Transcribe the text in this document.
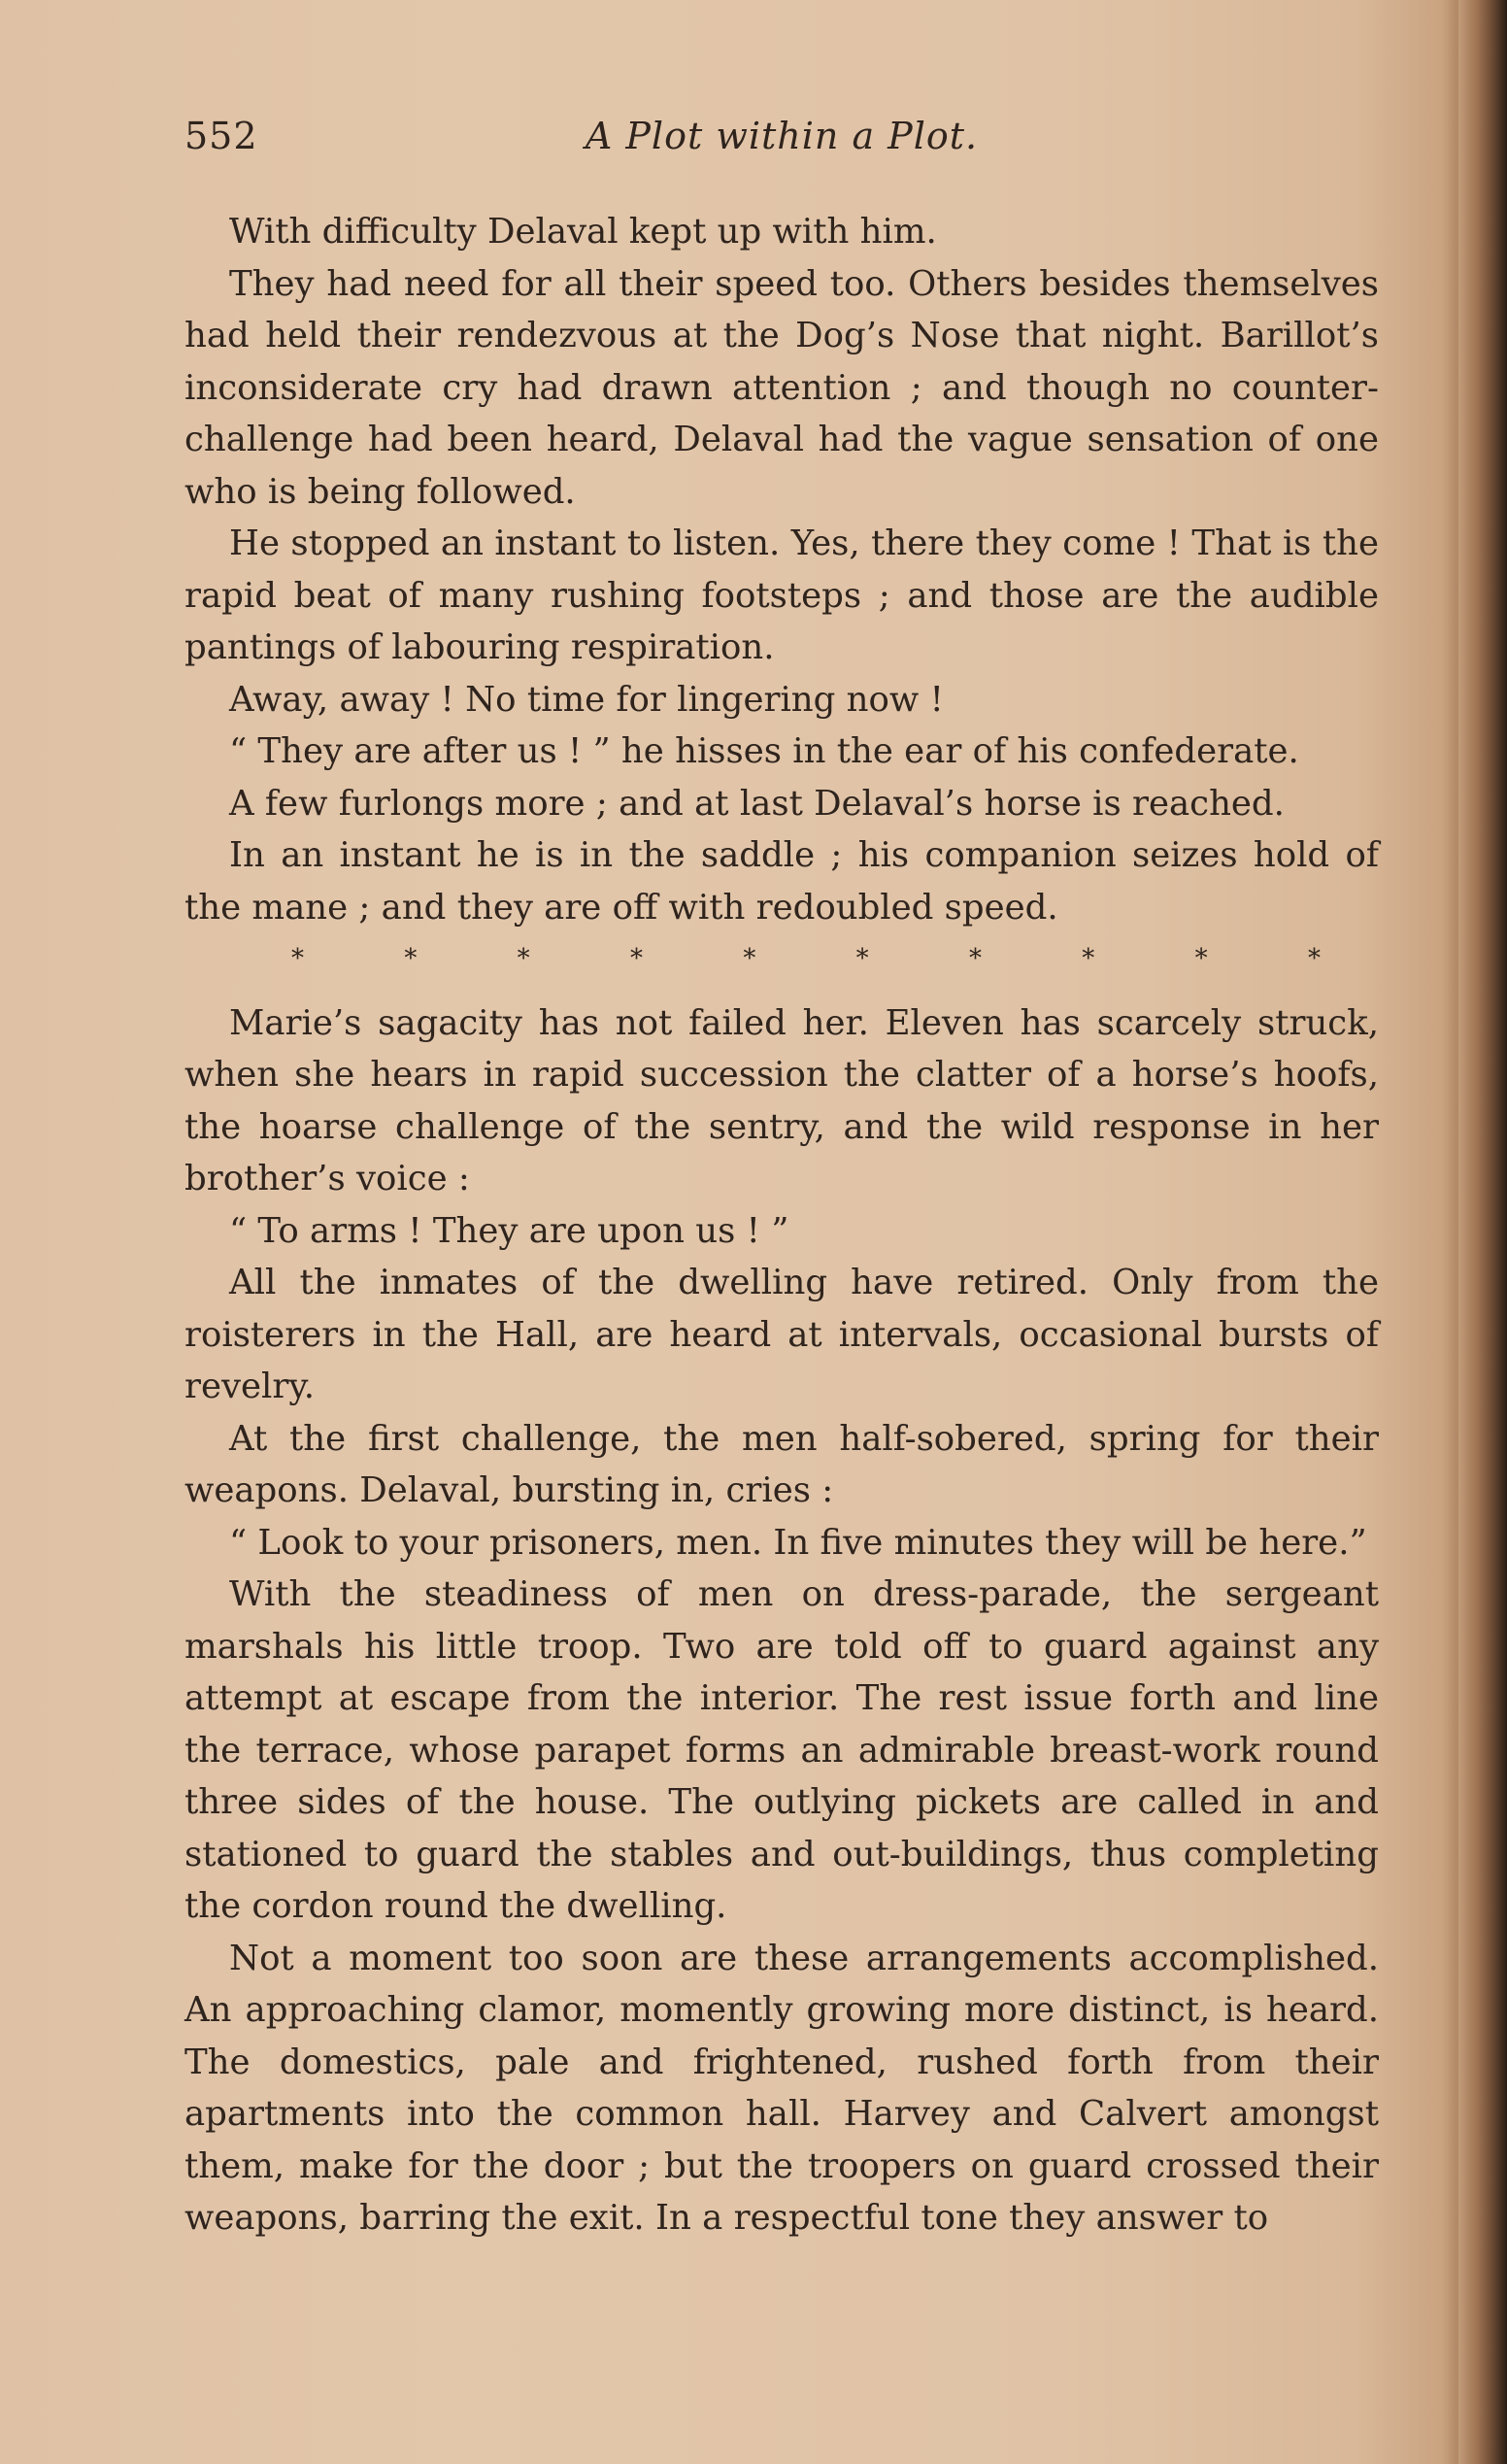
552	A Plot within a Plot.

With difficulty Delaval kept up with him.

They had need for all their speed too. Others besides themselves had held their rendezvous at the Dog’s Nose that night. Barillot’s inconsiderate cry had drawn attention ; and though no counter-challenge had been heard, Delaval had the vague sensation of one who is being followed.

He stopped an instant to listen. Yes, there they come ! That is the rapid beat of many rushing footsteps ; and those are the audible pantings of labouring respiration.

Away, away ! No time for lingering now !

“ They are after us ! ” he hisses in the ear of his confederate.

A few furlongs more ; and at last Delaval’s horse is reached.

In an instant he is in the saddle ; his companion seizes hold of the mane ; and they are off with redoubled speed.

*	*	*	*	*	*	*	*	*	*

Marie’s sagacity has not failed her. Eleven has scarcely struck, when she hears in rapid succession the clatter of a horse’s hoofs, the hoarse challenge of the sentry, and the wild response in her brother’s voice :

“ To arms ! They are upon us ! ”

All the inmates of the dwelling have retired. Only from the roisterers in the Hall, are heard at intervals, occasional bursts of revelry.

At the first challenge, the men half-sobered, spring for their weapons. Delaval, bursting in, cries :

“ Look to your prisoners, men. In five minutes they will be here.”

With the steadiness of men on dress-parade, the sergeant marshals his little troop. Two are told off to guard against any attempt at escape from the interior. The rest issue forth and line the terrace, whose parapet forms an admirable breast-work round three sides of the house. The outlying pickets are called in and stationed to guard the stables and out-buildings, thus completing the cordon round the dwelling.

Not a moment too soon are these arrangements accomplished. An approaching clamor, momently growing more distinct, is heard. The domestics, pale and frightened, rushed forth from their apartments into the common hall. Harvey and Calvert amongst them, make for the door ; but the troopers on guard crossed their weapons, barring the exit. In a respectful tone they answer to
